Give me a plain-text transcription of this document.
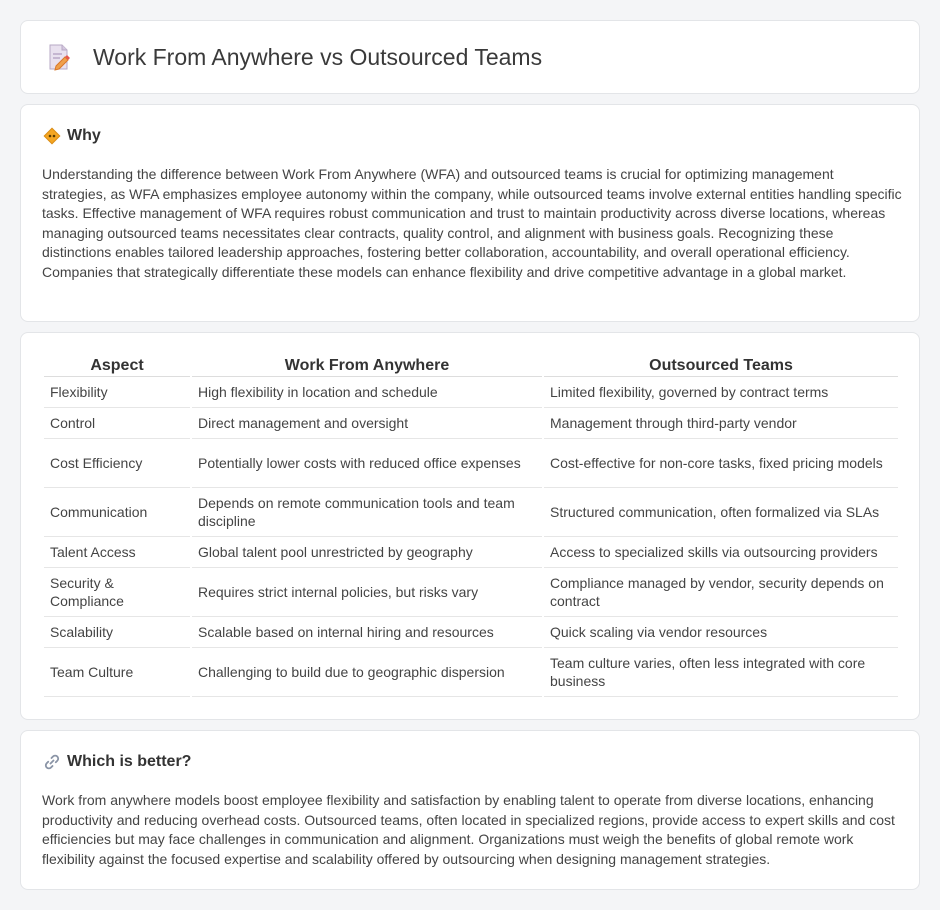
Work From Anywhere vs Outsourced Teams
Why

Understanding the difference between Work From Anywhere (WFA) and outsourced teams is crucial for optimizing management strategies, as WFA emphasizes employee autonomy within the company, while outsourced teams involve external entities handling specific tasks. Effective management of WFA requires robust communication and trust to maintain productivity across diverse locations, whereas managing outsourced teams necessitates clear contracts, quality control, and alignment with business goals. Recognizing these distinctions enables tailored leadership approaches, fostering better collaboration, accountability, and overall operational efficiency. Companies that strategically differentiate these models can enhance flexibility and drive competitive advantage in a global market.

Aspect	Work From Anywhere	Outsourced Teams
Flexibility	High flexibility in location and schedule	Limited flexibility, governed by contract terms
Control	Direct management and oversight	Management through third-party vendor
Cost Efficiency	Potentially lower costs with reduced office expenses	Cost-effective for non-core tasks, fixed pricing models
Communication	Depends on remote communication tools and team discipline	Structured communication, often formalized via SLAs
Talent Access	Global talent pool unrestricted by geography	Access to specialized skills via outsourcing providers
Security & Compliance	Requires strict internal policies, but risks vary	Compliance managed by vendor, security depends on contract
Scalability	Scalable based on internal hiring and resources	Quick scaling via vendor resources
Team Culture	Challenging to build due to geographic dispersion	Team culture varies, often less integrated with core business
Which is better?

Work from anywhere models boost employee flexibility and satisfaction by enabling talent to operate from diverse locations, enhancing productivity and reducing overhead costs. Outsourced teams, often located in specialized regions, provide access to expert skills and cost efficiencies but may face challenges in communication and alignment. Organizations must weigh the benefits of global remote work flexibility against the focused expertise and scalability offered by outsourcing when designing management strategies.
